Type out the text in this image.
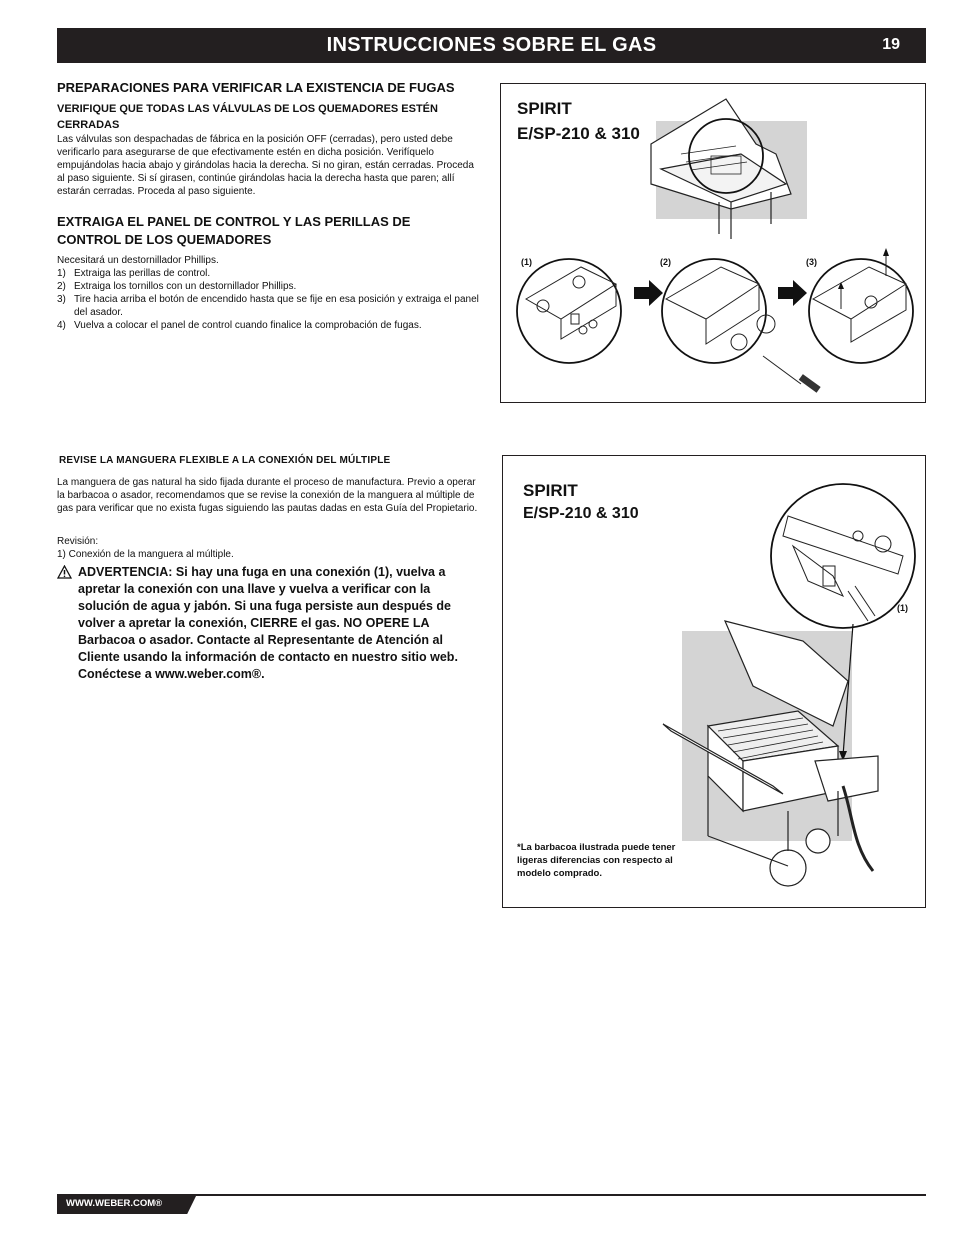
INSTRUCCIONES SOBRE EL GAS	19
PREPARACIONES PARA VERIFICAR LA EXISTENCIA DE FUGAS
VERIFIQUE QUE TODAS LAS VÁLVULAS DE LOS QUEMADORES ESTÉN CERRADAS
Las válvulas son despachadas de fábrica en la posición OFF (cerradas), pero usted debe verificarlo para asegurarse de que efectivamente estén en dicha posición. Verifíquelo empujándolas hacia abajo y girándolas hacia la derecha. Si no giran, están cerradas. Proceda al paso siguiente. Si sí girasen, continúe girándolas hacia la derecha hasta que paren; allí estarán cerradas. Proceda al paso siguiente.
EXTRAIGA EL PANEL DE CONTROL Y LAS PERILLAS DE CONTROL DE LOS QUEMADORES
Necesitará un destornillador Phillips.
1) Extraiga las perillas de control.
2) Extraiga los tornillos con un destornillador Phillips.
3) Tire hacia arriba el botón de encendido hasta que se fije en esa posición y extraiga el panel del asador.
4) Vuelva a colocar el panel de control cuando finalice la comprobación de fugas.
SPIRIT
E/SP-210 & 310
(1)	(2)	(3)
REVISE LA MANGUERA FLEXIBLE A LA CONEXIÓN DEL MÚLTIPLE
La manguera de gas natural ha sido fijada durante el proceso de manufactura. Previo a operar la barbacoa o asador, recomendamos que se revise la conexión de la manguera al múltiple de gas para verificar que no exista fugas siguiendo las pautas dadas en esta Guía del Propietario.
Revisión:
1) Conexión de la manguera al múltiple.
ADVERTENCIA: Si hay una fuga en una conexión (1), vuelva a apretar la conexión con una llave y vuelva a verificar con la solución de agua y jabón. Si una fuga persiste aun después de volver a apretar la conexión, CIERRE el gas. NO OPERE LA Barbacoa o asador. Contacte al Representante de Atención al Cliente usando la información de contacto en nuestro sitio web. Conéctese a www.weber.com®.
SPIRIT
E/SP-210 & 310
(1)
*La barbacoa ilustrada puede tener ligeras diferencias con respecto al modelo comprado.
WWW.WEBER.COM®
